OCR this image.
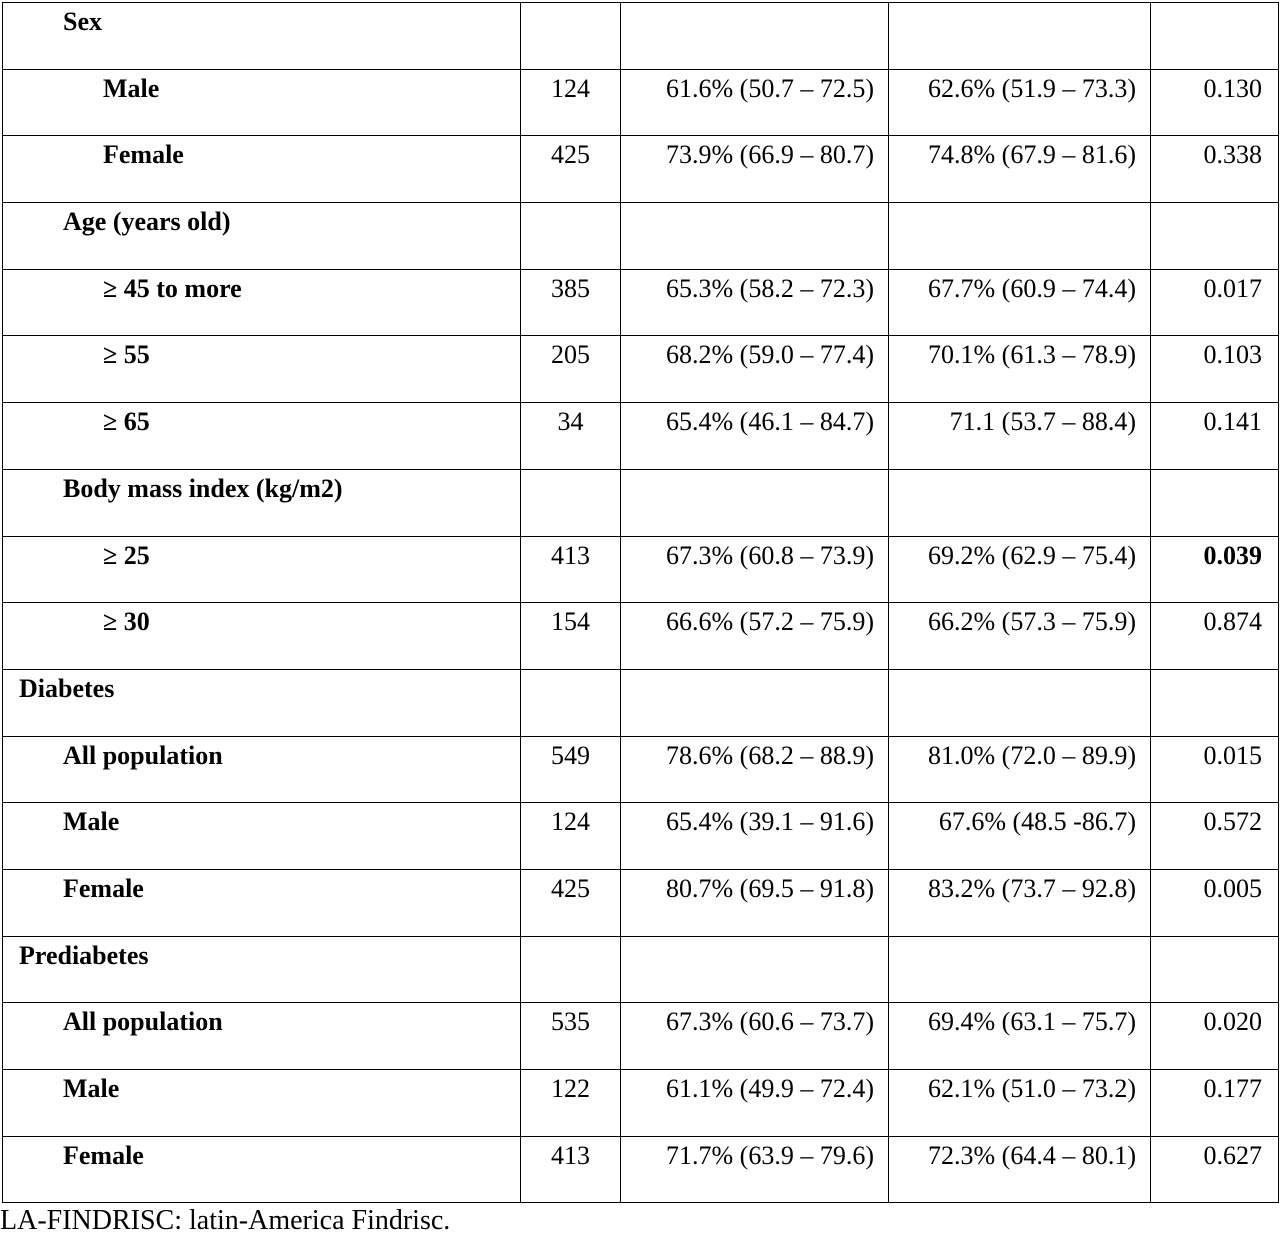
Sex				
Male	124	61.6% (50.7 – 72.5)	62.6% (51.9 – 73.3)	0.130
Female	425	73.9% (66.9 – 80.7)	74.8% (67.9 – 81.6)	0.338
Age (years old)				
≥ 45 to more	385	65.3% (58.2 – 72.3)	67.7% (60.9 – 74.4)	0.017
≥ 55	205	68.2% (59.0 – 77.4)	70.1% (61.3 – 78.9)	0.103
≥ 65	34	65.4% (46.1 – 84.7)	71.1 (53.7 – 88.4)	0.141
Body mass index (kg/m2)				
≥ 25	413	67.3% (60.8 – 73.9)	69.2% (62.9 – 75.4)	0.039
≥ 30	154	66.6% (57.2 – 75.9)	66.2% (57.3 – 75.9)	0.874
Diabetes				
All population	549	78.6% (68.2 – 88.9)	81.0% (72.0 – 89.9)	0.015
Male	124	65.4% (39.1 – 91.6)	67.6% (48.5 -86.7)	0.572
Female	425	80.7% (69.5 – 91.8)	83.2% (73.7 – 92.8)	0.005
Prediabetes				
All population	535	67.3% (60.6 – 73.7)	69.4% (63.1 – 75.7)	0.020
Male	122	61.1% (49.9 – 72.4)	62.1% (51.0 – 73.2)	0.177
Female	413	71.7% (63.9 – 79.6)	72.3% (64.4 – 80.1)	0.627
LA-FINDRISC: latin-America Findrisc.
